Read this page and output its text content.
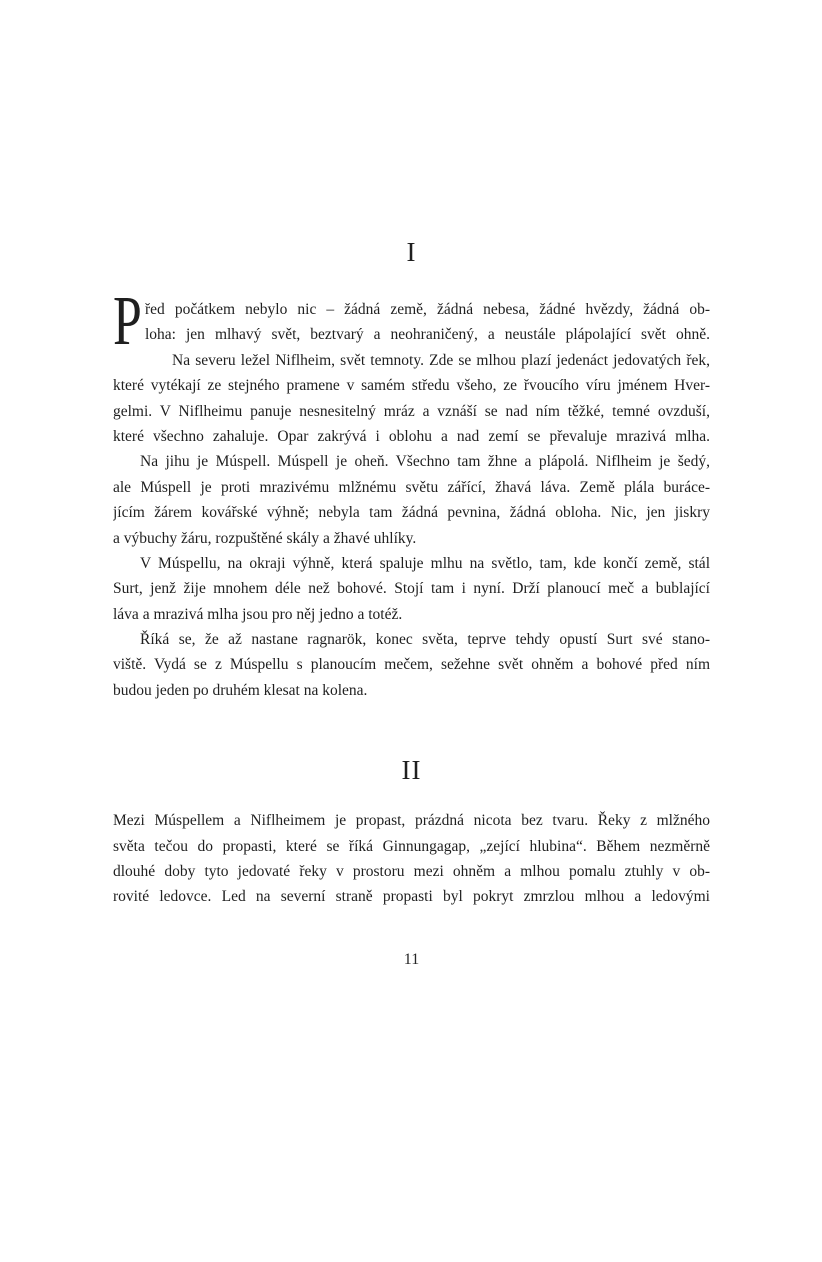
I
P řed počátkem nebylo nic – žádná země, žádná nebesa, žádné hvězdy, žádná ob-
loha: jen mlhavý svět, beztvarý a neohraničený, a neustále plápolající svět ohně.
Na severu ležel Niflheim, svět temnoty. Zde se mlhou plazí jedenáct jedovatých řek,
které vytékají ze stejného pramene v samém středu všeho, ze řvoucího víru jménem Hver-
gelmi. V Niflheimu panuje nesnesitelný mráz a vznáší se nad ním těžké, temné ovzduší,
které všechno zahaluje. Opar zakrývá i oblohu a nad zemí se převaluje mrazivá mlha.
Na jihu je Múspell. Múspell je oheň. Všechno tam žhne a plápolá. Niflheim je šedý,
ale Múspell je proti mrazivému mlžnému světu zářící, žhavá láva. Země plála buráce-
jícím žárem kovářské výhně; nebyla tam žádná pevnina, žádná obloha. Nic, jen jiskry
a výbuchy žáru, rozpuštěné skály a žhavé uhlíky.
V Múspellu, na okraji výhně, která spaluje mlhu na světlo, tam, kde končí země, stál
Surt, jenž žije mnohem déle než bohové. Stojí tam i nyní. Drží planoucí meč a bublající
láva a mrazivá mlha jsou pro něj jedno a totéž.
Říká se, že až nastane ragnarök, konec světa, teprve tehdy opustí Surt své stano-
viště. Vydá se z Múspellu s planoucím mečem, sežehne svět ohněm a bohové před ním
budou jeden po druhém klesat na kolena.
II
Mezi Múspellem a Niflheimem je propast, prázdná nicota bez tvaru. Řeky z mlžného
světa tečou do propasti, které se říká Ginnungagap, „zející hlubina“. Během nezměrně
dlouhé doby tyto jedovaté řeky v prostoru mezi ohněm a mlhou pomalu ztuhly v ob-
rovité ledovce. Led na severní straně propasti byl pokryt zmrzlou mlhou a ledovými
11
